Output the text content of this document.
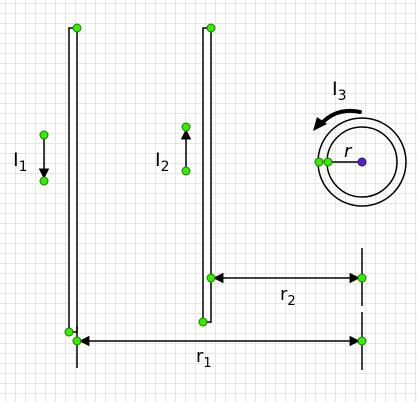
$I_1$	$I_2$
$I_3$
r
$r_2$
$r_1$
